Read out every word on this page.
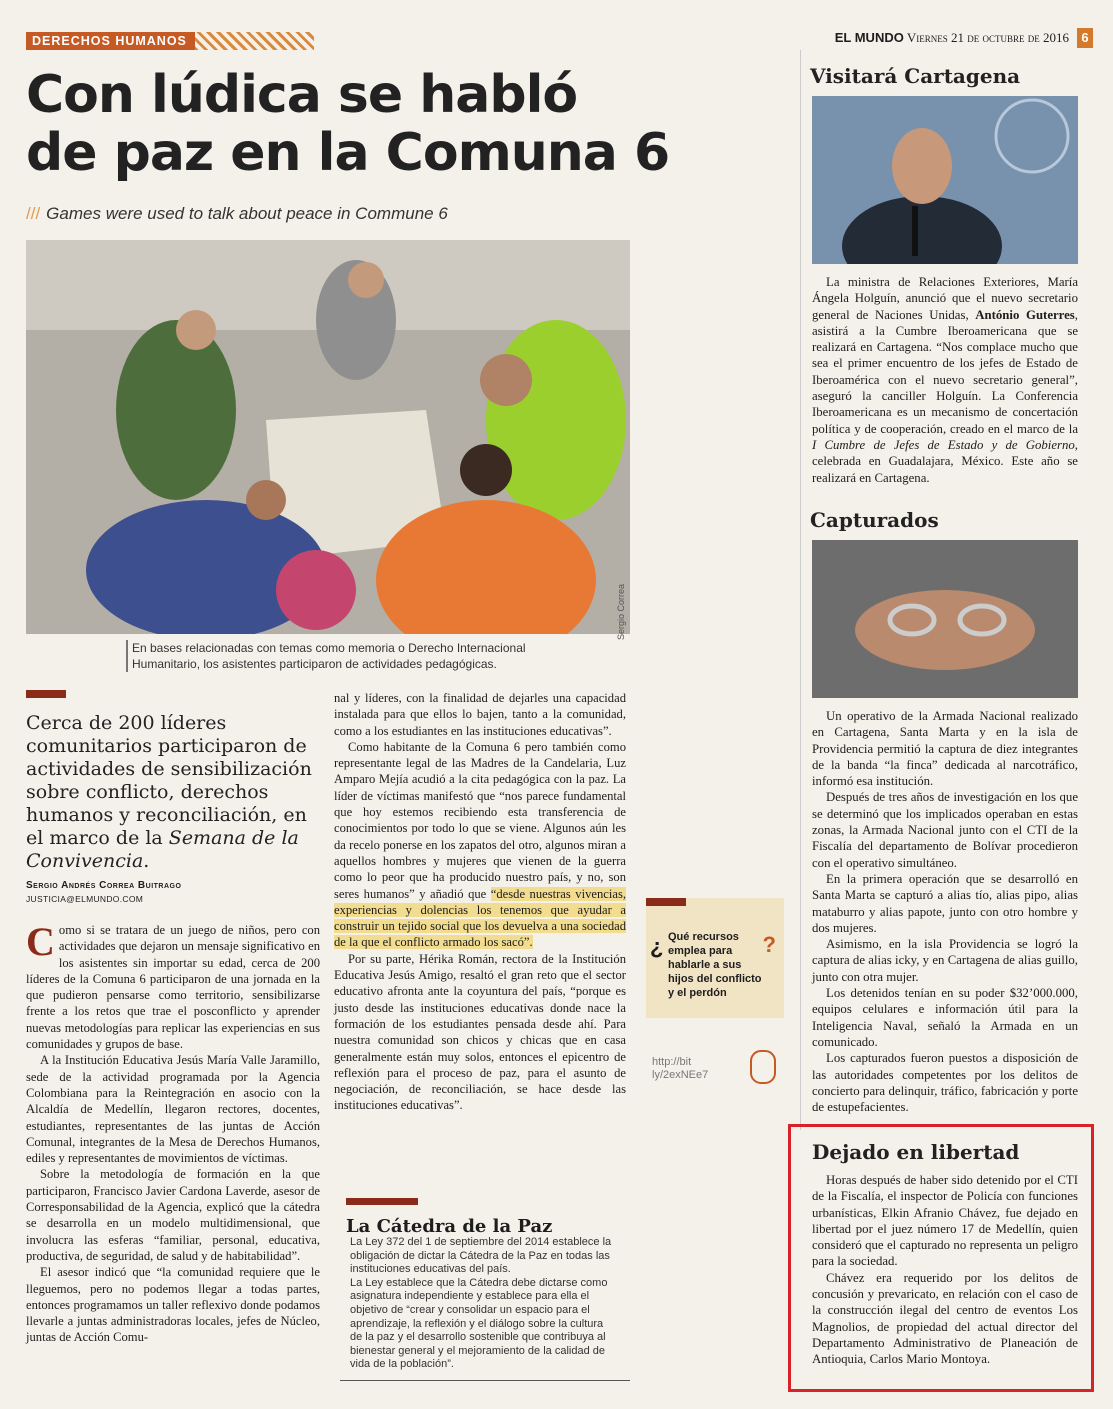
DERECHOS HUMANOS	EL MUNDO Viernes 21 de octubre de 2016 6
Con lúdica se habló
de paz en la Comuna 6
/// Games were used to talk about peace in Commune 6
Sergio Correa
En bases relacionadas con temas como memoria o Derecho Internacional Humanitario, los asistentes participaron de actividades pedagógicas.
Cerca de 200 líderes comunitarios participaron de actividades de sensibilización sobre conflicto, derechos humanos y reconciliación, en el marco de la Semana de la Convivencia.
Sergio Andrés Correa Buitrago
JUSTICIA@ELMUNDO.COM

Como si se tratara de un juego de niños, pero con actividades que dejaron un mensaje significativo en los asistentes sin importar su edad, cerca de 200 líderes de la Comuna 6 participaron de una jornada en la que pudieron pensarse como territorio, sensibilizarse frente a los retos que trae el posconflicto y aprender nuevas metodologías para replicar las experiencias en sus comunidades y grupos de base.

A la Institución Educativa Jesús María Valle Jaramillo, sede de la actividad programada por la Agencia Colombiana para la Reintegración en asocio con la Alcaldía de Medellín, llegaron rectores, docentes, estudiantes, representantes de las juntas de Acción Comunal, integrantes de la Mesa de Derechos Humanos, ediles y representantes de movimientos de víctimas.

Sobre la metodología de formación en la que participaron, Francisco Javier Cardona Laverde, asesor de Corresponsabilidad de la Agencia, explicó que la cátedra se desarrolla en un modelo multidimensional, que involucra las esferas “familiar, personal, educativa, productiva, de seguridad, de salud y de habitabilidad”.

El asesor indicó que “la comunidad requiere que le lleguemos, pero no podemos llegar a todas partes, entonces programamos un taller reflexivo donde podamos llevarle a juntas administradoras locales, jefes de Núcleo, juntas de Acción Comu-

nal y líderes, con la finalidad de dejarles una capacidad instalada para que ellos lo bajen, tanto a la comunidad, como a los estudiantes en las instituciones educativas”.

Como habitante de la Comuna 6 pero también como representante legal de las Madres de la Candelaria, Luz Amparo Mejía acudió a la cita pedagógica con la paz. La líder de víctimas manifestó que “nos parece fundamental que hoy estemos recibiendo esta transferencia de conocimientos por todo lo que se viene. Algunos aún les da recelo ponerse en los zapatos del otro, algunos miran a aquellos hombres y mujeres que vienen de la guerra como lo peor que ha producido nuestro país, y no, son seres humanos” y añadió que “desde nuestras vivencias, experiencias y dolencias los tenemos que ayudar a construir un tejido social que los devuelva a una sociedad de la que el conflicto armado los sacó”.

Por su parte, Hérika Román, rectora de la Institución Educativa Jesús Amigo, resaltó el gran reto que el sector educativo afronta ante la coyuntura del país, “porque es justo desde las instituciones educativas donde nace la formación de los estudiantes pensada desde ahí. Para nuestra comunidad son chicos y chicas que en casa generalmente están muy solos, entonces el epicentro de reflexión para el proceso de paz, para el asunto de negociación, de reconciliación, se hace desde las instituciones educativas”.

La Cátedra de la Paz
La Ley 372 del 1 de septiembre del 2014 establece la obligación de dictar la Cátedra de la Paz en todas las instituciones educativas del país.
La Ley establece que la Cátedra debe dictarse como asignatura independiente y establece para ella el objetivo de “crear y consolidar un espacio para el aprendizaje, la reflexión y el diálogo sobre la cultura de la paz y el desarrollo sostenible que contribuya al bienestar general y el mejoramiento de la calidad de vida de la población”.
¿ Qué recursos emplea para hablarle a sus hijos del conflicto y el perdón
?
http://bit
ly/2exNEe7
Visitará Cartagena

La ministra de Relaciones Exteriores, María Ángela Holguín, anunció que el nuevo secretario general de Naciones Unidas, António Guterres, asistirá a la Cumbre Iberoamericana que se realizará en Cartagena. “Nos complace mucho que sea el primer encuentro de los jefes de Estado de Iberoamérica con el nuevo secretario general”, aseguró la canciller Holguín. La Conferencia Iberoamericana es un mecanismo de concertación política y de cooperación, creado en el marco de la I Cumbre de Jefes de Estado y de Gobierno, celebrada en Guadalajara, México. Este año se realizará en Cartagena.

Capturados

Un operativo de la Armada Nacional realizado en Cartagena, Santa Marta y en la isla de Providencia permitió la captura de diez integrantes de la banda “la finca” dedicada al narcotráfico, informó esa institución.

Después de tres años de investigación en los que se determinó que los implicados operaban en estas zonas, la Armada Nacional junto con el CTI de la Fiscalía del departamento de Bolívar procedieron con el operativo simultáneo.

En la primera operación que se desarrolló en Santa Marta se capturó a alias tío, alias pipo, alias mataburro y alias papote, junto con otro hombre y dos mujeres.

Asimismo, en la isla Providencia se logró la captura de alias icky, y en Cartagena de alias guillo, junto con otra mujer.

Los detenidos tenían en su poder $32’000.000, equipos celulares e información útil para la Inteligencia Naval, señaló la Armada en un comunicado.

Los capturados fueron puestos a disposición de las autoridades competentes por los delitos de concierto para delinquir, tráfico, fabricación y porte de estupefacientes.

Dejado en libertad

Horas después de haber sido detenido por el CTI de la Fiscalía, el inspector de Policía con funciones urbanísticas, Elkin Afranio Chávez, fue dejado en libertad por el juez número 17 de Medellín, quien consideró que el capturado no representa un peligro para la sociedad.

Chávez era requerido por los delitos de concusión y prevaricato, en relación con el caso de la construcción ilegal del centro de eventos Los Magnolios, de propiedad del actual director del Departamento Administrativo de Planeación de Antioquia, Carlos Mario Montoya.
